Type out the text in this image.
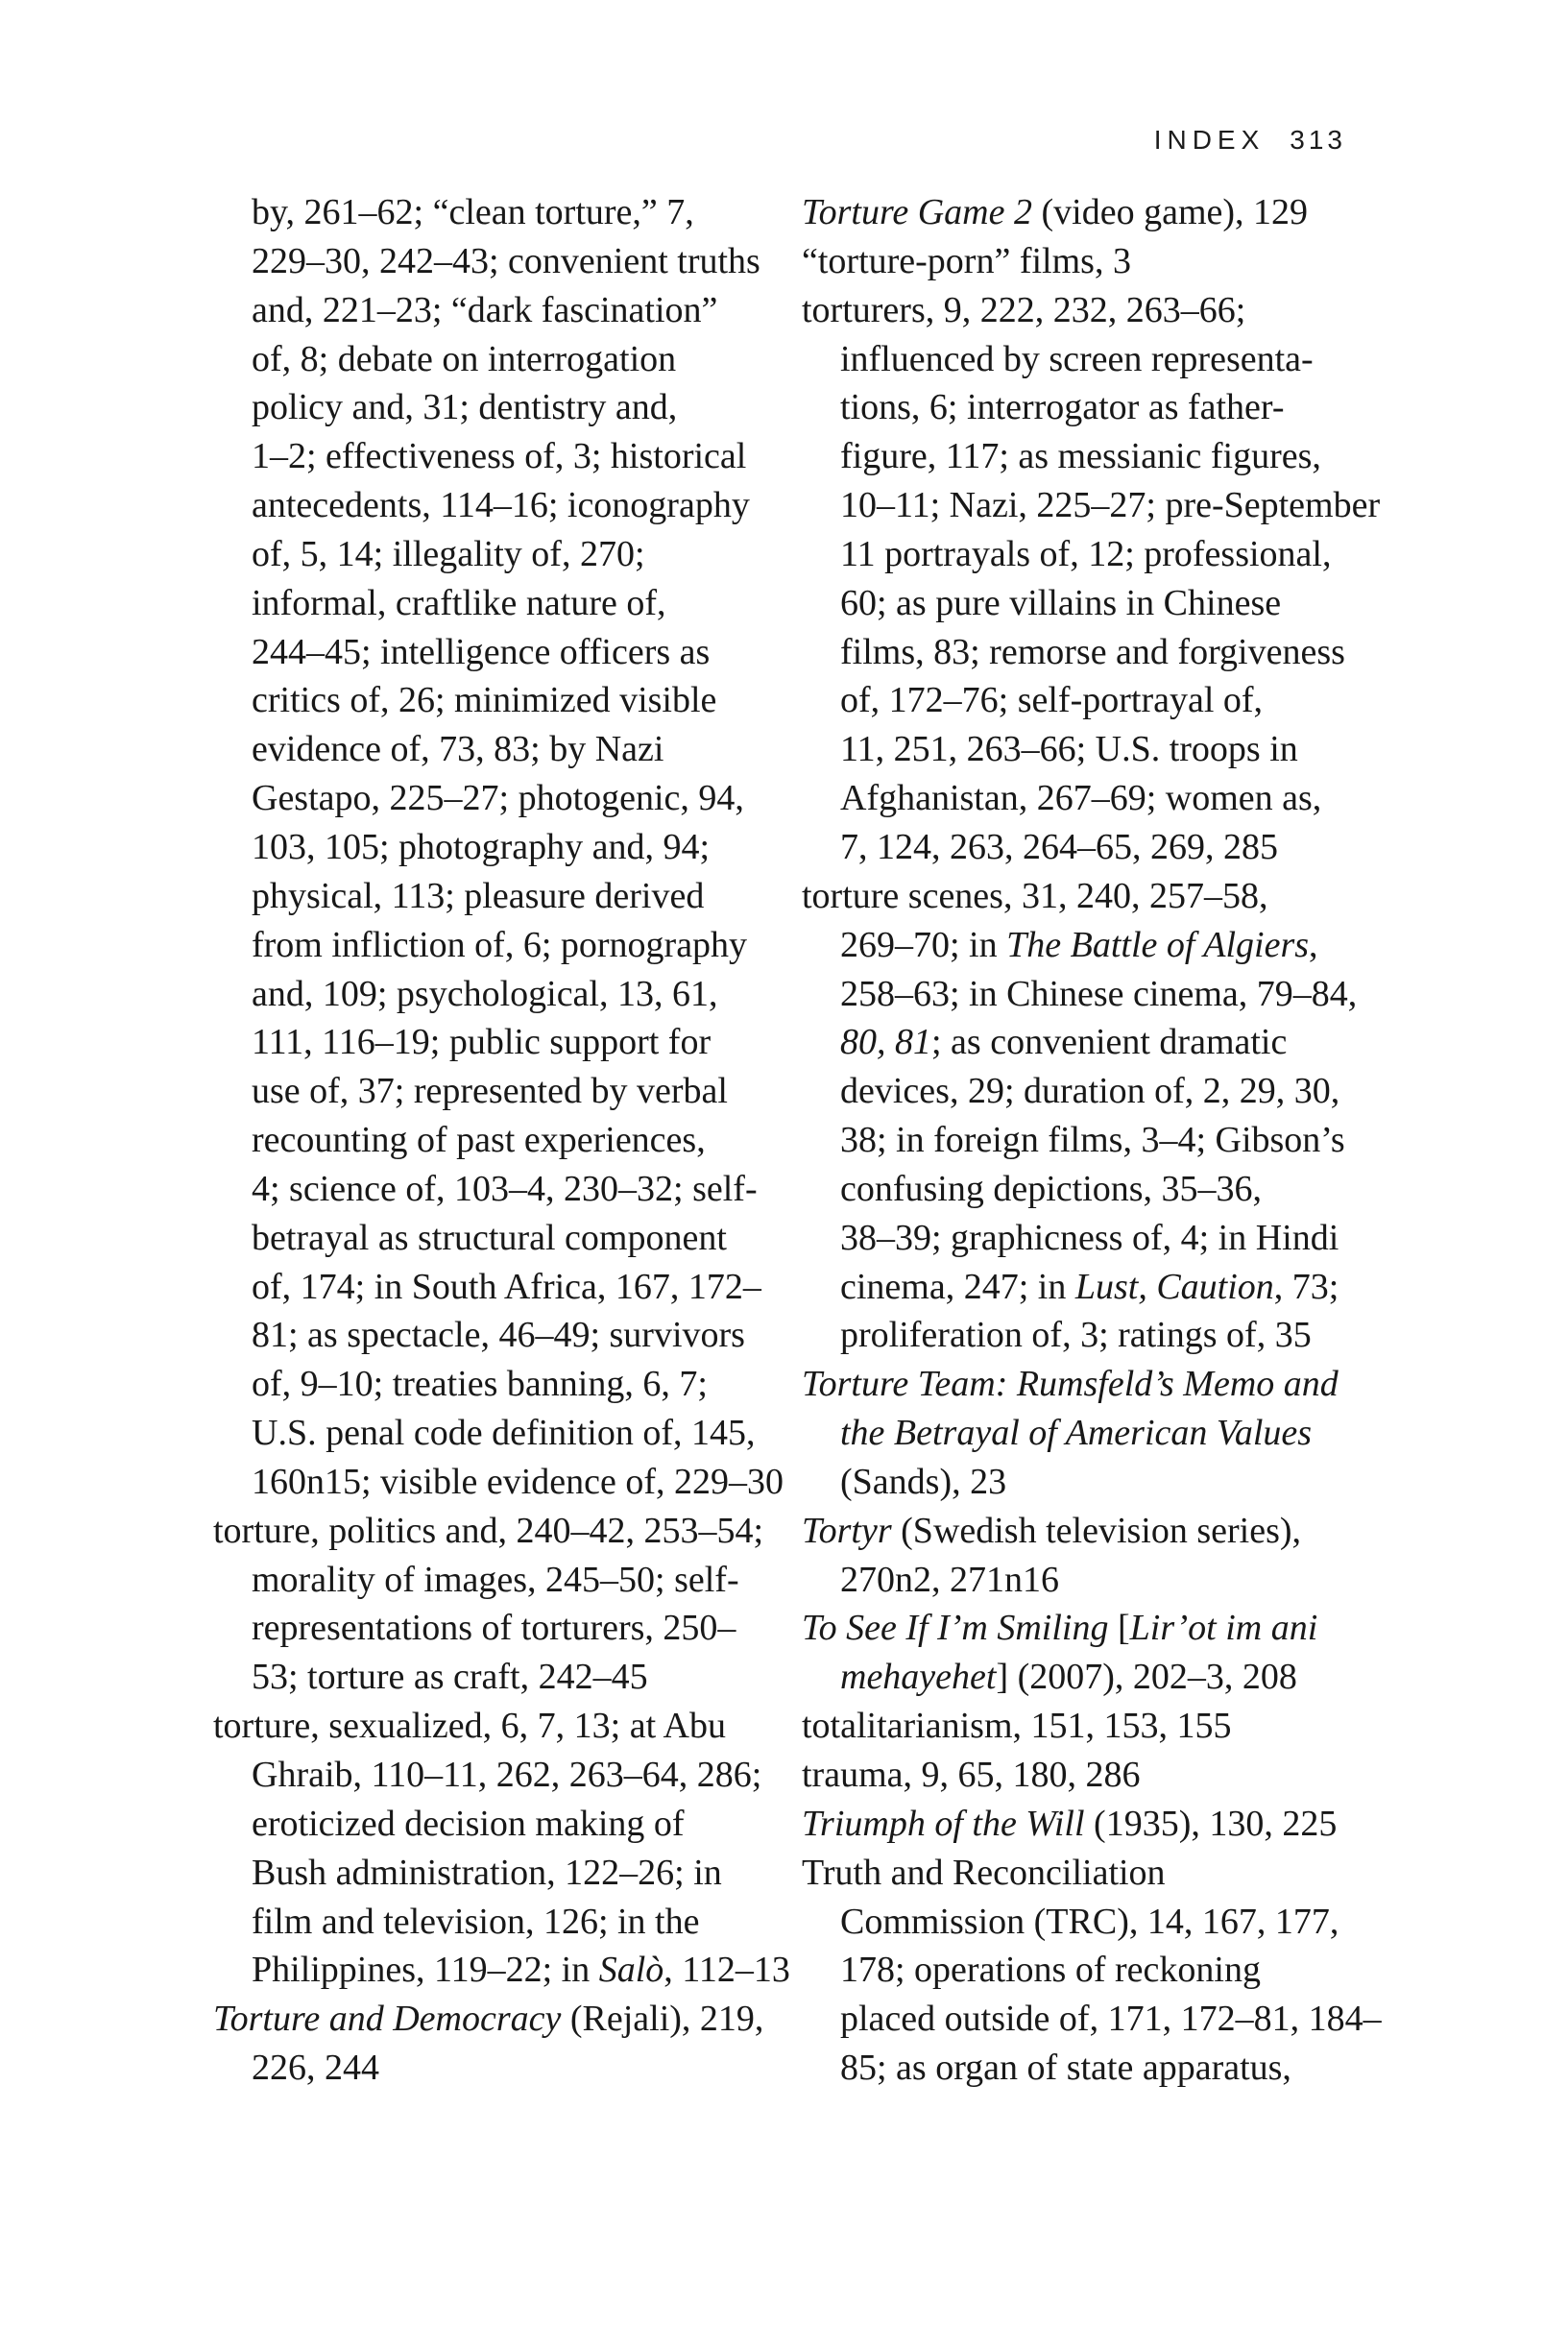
INDEX 313
by, 261–62; “clean torture,” 7,
229–30, 242–43; convenient truths
and, 221–23; “dark fascination”
of, 8; debate on interrogation
policy and, 31; dentistry and,
1–2; effectiveness of, 3; historical
antecedents, 114–16; iconography
of, 5, 14; illegality of, 270;
informal, craftlike nature of,
244–45; intelligence officers as
critics of, 26; minimized visible
evidence of, 73, 83; by Nazi
Gestapo, 225–27; photogenic, 94,
103, 105; photography and, 94;
physical, 113; pleasure derived
from infliction of, 6; pornography
and, 109; psychological, 13, 61,
111, 116–19; public support for
use of, 37; represented by verbal
recounting of past experiences,
4; science of, 103–4, 230–32; self-
betrayal as structural component
of, 174; in South Africa, 167, 172–
81; as spectacle, 46–49; survivors
of, 9–10; treaties banning, 6, 7;
U.S. penal code definition of, 145,
160n15; visible evidence of, 229–30
torture, politics and, 240–42, 253–54;
morality of images, 245–50; self-
representations of torturers, 250–
53; torture as craft, 242–45
torture, sexualized, 6, 7, 13; at Abu
Ghraib, 110–11, 262, 263–64, 286;
eroticized decision making of
Bush administration, 122–26; in
film and television, 126; in the
Philippines, 119–22; in Salò, 112–13
Torture and Democracy (Rejali), 219,
226, 244
Torture Game 2 (video game), 129
“torture-porn” films, 3
torturers, 9, 222, 232, 263–66;
influenced by screen representa-
tions, 6; interrogator as father-
figure, 117; as messianic figures,
10–11; Nazi, 225–27; pre-September
11 portrayals of, 12; professional,
60; as pure villains in Chinese
films, 83; remorse and forgiveness
of, 172–76; self-portrayal of,
11, 251, 263–66; U.S. troops in
Afghanistan, 267–69; women as,
7, 124, 263, 264–65, 269, 285
torture scenes, 31, 240, 257–58,
269–70; in The Battle of Algiers,
258–63; in Chinese cinema, 79–84,
80, 81; as convenient dramatic
devices, 29; duration of, 2, 29, 30,
38; in foreign films, 3–4; Gibson’s
confusing depictions, 35–36,
38–39; graphicness of, 4; in Hindi
cinema, 247; in Lust, Caution, 73;
proliferation of, 3; ratings of, 35
Torture Team: Rumsfeld’s Memo and
the Betrayal of American Values
(Sands), 23
Tortyr (Swedish television series),
270n2, 271n16
To See If I’m Smiling [Lir’ot im ani
mehayehet] (2007), 202–3, 208
totalitarianism, 151, 153, 155
trauma, 9, 65, 180, 286
Triumph of the Will (1935), 130, 225
Truth and Reconciliation
Commission (TRC), 14, 167, 177,
178; operations of reckoning
placed outside of, 171, 172–81, 184–
85; as organ of state apparatus,
